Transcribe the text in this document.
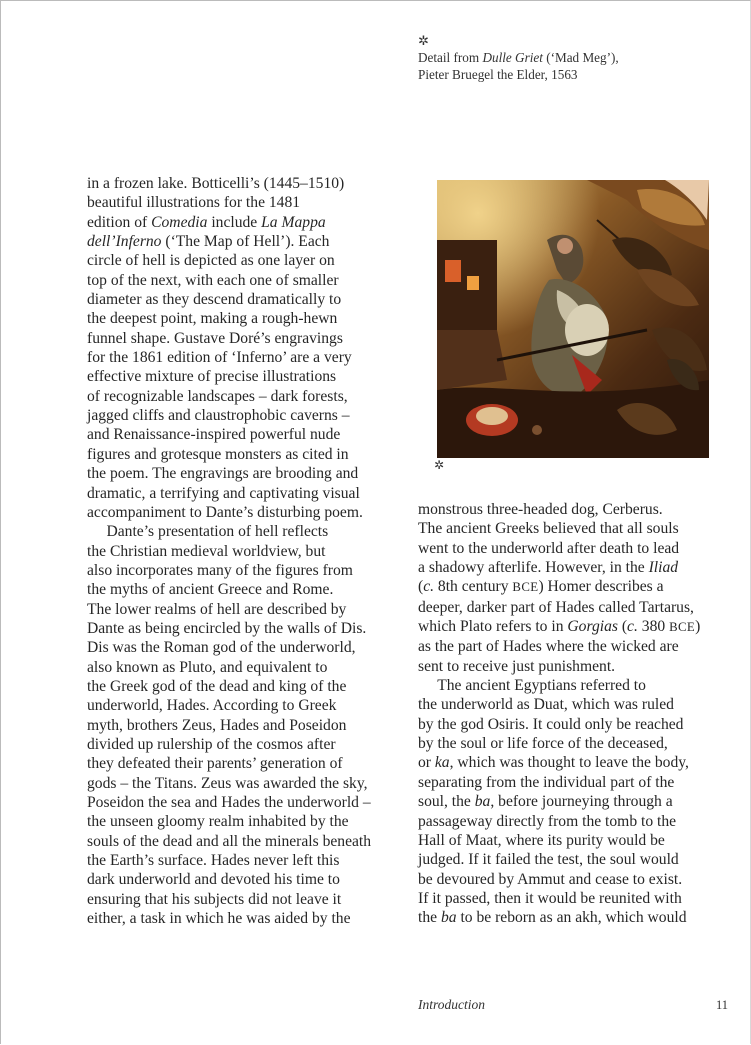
✲
Detail from Dulle Griet (‘Mad Meg’),
Pieter Bruegel the Elder, 1563
in a frozen lake. Botticelli’s (1445–1510)
beautiful illustrations for the 1481
edition of Comedia include La Mappa
dell’Inferno (‘The Map of Hell’). Each
circle of hell is depicted as one layer on
top of the next, with each one of smaller
diameter as they descend dramatically to
the deepest point, making a rough-hewn
funnel shape. Gustave Doré’s engravings
for the 1861 edition of ‘Inferno’ are a very
effective mixture of precise illustrations
of recognizable landscapes – dark forests,
jagged cliffs and claustrophobic caverns –
and Renaissance-inspired powerful nude
figures and grotesque monsters as cited in
the poem. The engravings are brooding and
dramatic, a terrifying and captivating visual
accompaniment to Dante’s disturbing poem.
Dante’s presentation of hell reflects
the Christian medieval worldview, but
also incorporates many of the figures from
the myths of ancient Greece and Rome.
The lower realms of hell are described by
Dante as being encircled by the walls of Dis.
Dis was the Roman god of the underworld,
also known as Pluto, and equivalent to
the Greek god of the dead and king of the
underworld, Hades. According to Greek
myth, brothers Zeus, Hades and Poseidon
divided up rulership of the cosmos after
they defeated their parents’ generation of
gods – the Titans. Zeus was awarded the sky,
Poseidon the sea and Hades the underworld –
the unseen gloomy realm inhabited by the
souls of the dead and all the minerals beneath
the Earth’s surface. Hades never left this
dark underworld and devoted his time to
ensuring that his subjects did not leave it
either, a task in which he was aided by the
✲
monstrous three-headed dog, Cerberus.
The ancient Greeks believed that all souls
went to the underworld after death to lead
a shadowy afterlife. However, in the Iliad
(c. 8th century BCE) Homer describes a
deeper, darker part of Hades called Tartarus,
which Plato refers to in Gorgias (c. 380 BCE)
as the part of Hades where the wicked are
sent to receive just punishment.
The ancient Egyptians referred to
the underworld as Duat, which was ruled
by the god Osiris. It could only be reached
by the soul or life force of the deceased,
or ka, which was thought to leave the body,
separating from the individual part of the
soul, the ba, before journeying through a
passageway directly from the tomb to the
Hall of Maat, where its purity would be
judged. If it failed the test, the soul would
be devoured by Ammut and cease to exist.
If it passed, then it would be reunited with
the ba to be reborn as an akh, which would
Introduction	11
